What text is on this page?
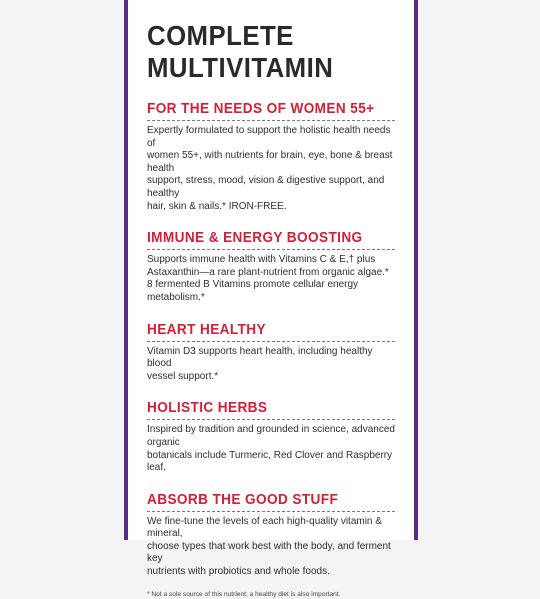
COMPLETE
MULTIVITAMIN
FOR THE NEEDS OF WOMEN 55+
Expertly formulated to support the holistic health needs of
women 55+, with nutrients for brain, eye, bone & breast health
support, stress, mood, vision & digestive support, and healthy
hair, skin & nails.* IRON-FREE.
IMMUNE & ENERGY BOOSTING
Supports immune health with Vitamins C & E,† plus
Astaxanthin—a rare plant-nutrient from organic algae.*
8 fermented B Vitamins promote cellular energy metabolism.*
HEART HEALTHY
Vitamin D3 supports heart health, including healthy blood
vessel support.*
HOLISTIC HERBS
Inspired by tradition and grounded in science, advanced organic
botanicals include Turmeric, Red Clover and Raspberry leaf.
ABSORB THE GOOD STUFF
We fine-tune the levels of each high-quality vitamin & mineral,
choose types that work best with the body, and ferment key
nutrients with probiotics and whole foods.
* Not a sole source of this nutrient; a healthy diet is also important.
